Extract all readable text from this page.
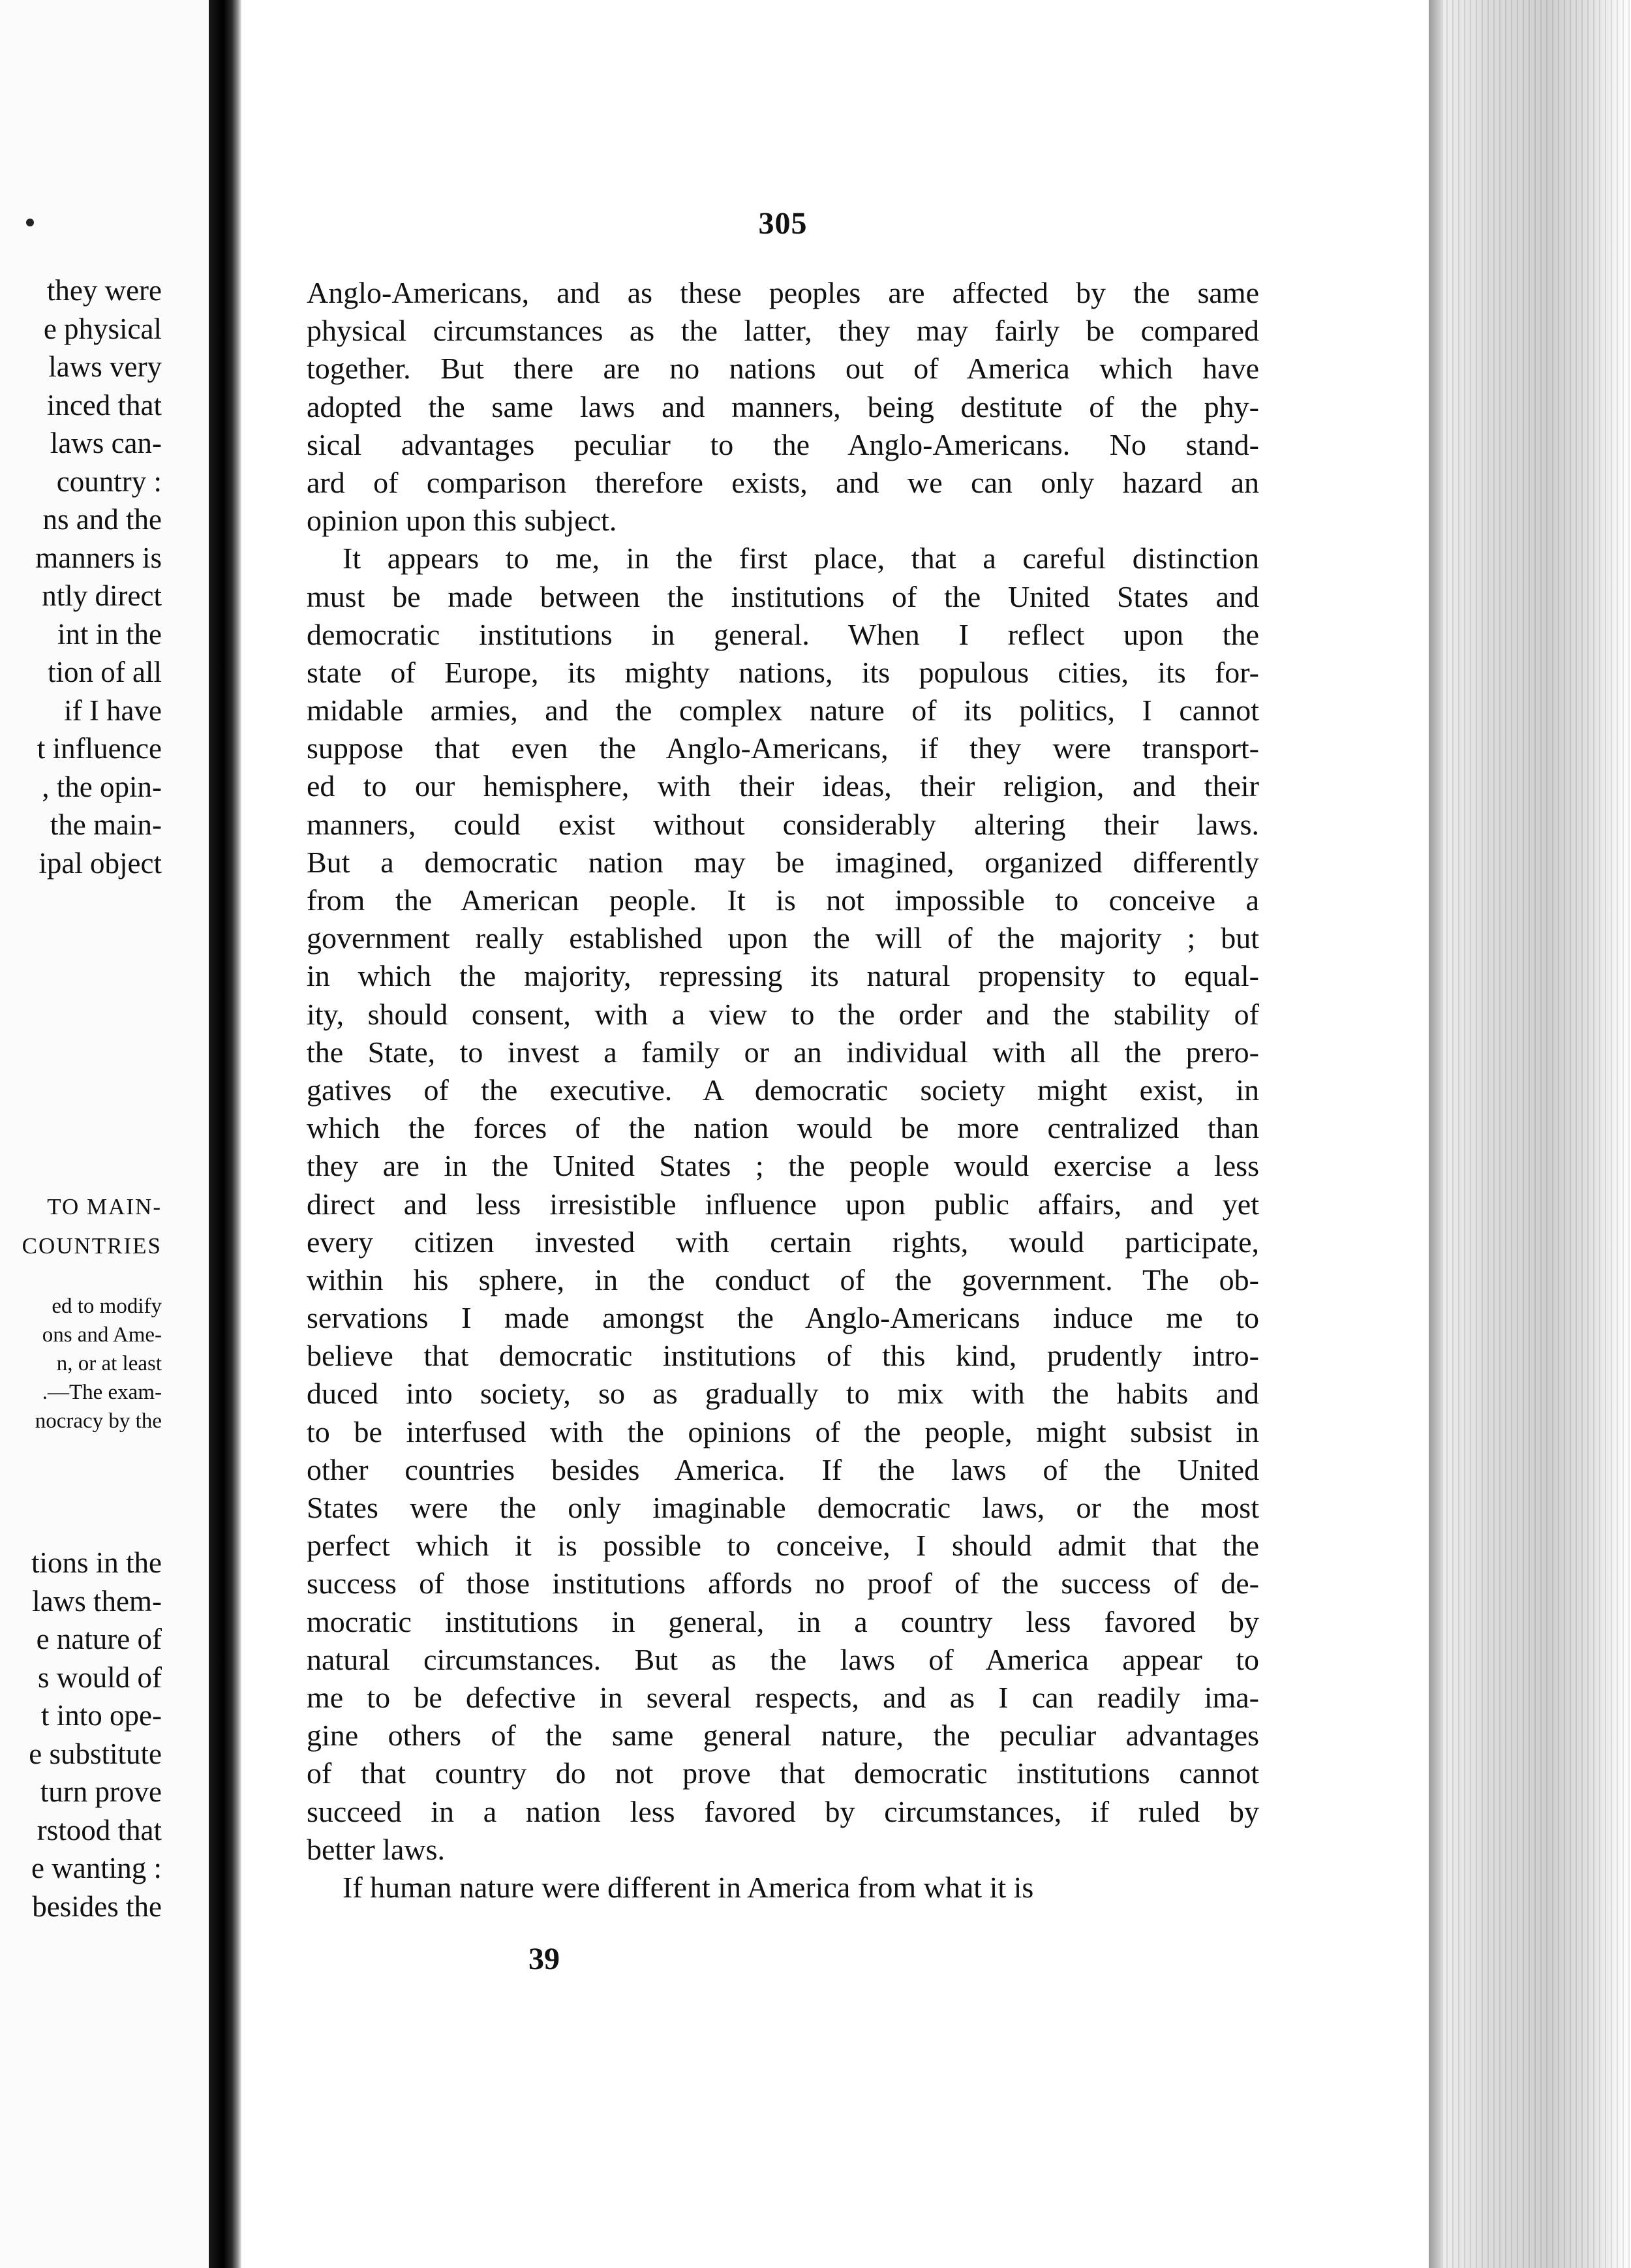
they were
e physical
laws very
inced that
laws can-
country :
ns and the
manners is
ntly direct
int in the
tion of all
if I have
t influence
, the opin-
the main-
ipal object
TO MAIN-
COUNTRIES
ed to modify
ons and Ame-
n, or at least
.—The exam-
nocracy by the
tions in the
laws them-
e nature of
s would of
t into ope-
e substitute
turn prove
rstood that
e wanting :
besides the
305
Anglo-Americans, and as these peoples are affected by the same
physical circumstances as the latter, they may fairly be compared
together. But there are no nations out of America which have
adopted the same laws and manners, being destitute of the phy-
sical advantages peculiar to the Anglo-Americans. No stand-
ard of comparison therefore exists, and we can only hazard an
opinion upon this subject.
It appears to me, in the first place, that a careful distinction
must be made between the institutions of the United States and
democratic institutions in general. When I reflect upon the
state of Europe, its mighty nations, its populous cities, its for-
midable armies, and the complex nature of its politics, I cannot
suppose that even the Anglo-Americans, if they were transport-
ed to our hemisphere, with their ideas, their religion, and their
manners, could exist without considerably altering their laws.
But a democratic nation may be imagined, organized differently
from the American people. It is not impossible to conceive a
government really established upon the will of the majority ; but
in which the majority, repressing its natural propensity to equal-
ity, should consent, with a view to the order and the stability of
the State, to invest a family or an individual with all the prero-
gatives of the executive. A democratic society might exist, in
which the forces of the nation would be more centralized than
they are in the United States ; the people would exercise a less
direct and less irresistible influence upon public affairs, and yet
every citizen invested with certain rights, would participate,
within his sphere, in the conduct of the government. The ob-
servations I made amongst the Anglo-Americans induce me to
believe that democratic institutions of this kind, prudently intro-
duced into society, so as gradually to mix with the habits and
to be interfused with the opinions of the people, might subsist in
other countries besides America. If the laws of the United
States were the only imaginable democratic laws, or the most
perfect which it is possible to conceive, I should admit that the
success of those institutions affords no proof of the success of de-
mocratic institutions in general, in a country less favored by
natural circumstances. But as the laws of America appear to
me to be defective in several respects, and as I can readily ima-
gine others of the same general nature, the peculiar advantages
of that country do not prove that democratic institutions cannot
succeed in a nation less favored by circumstances, if ruled by
better laws.
If human nature were different in America from what it is
39
